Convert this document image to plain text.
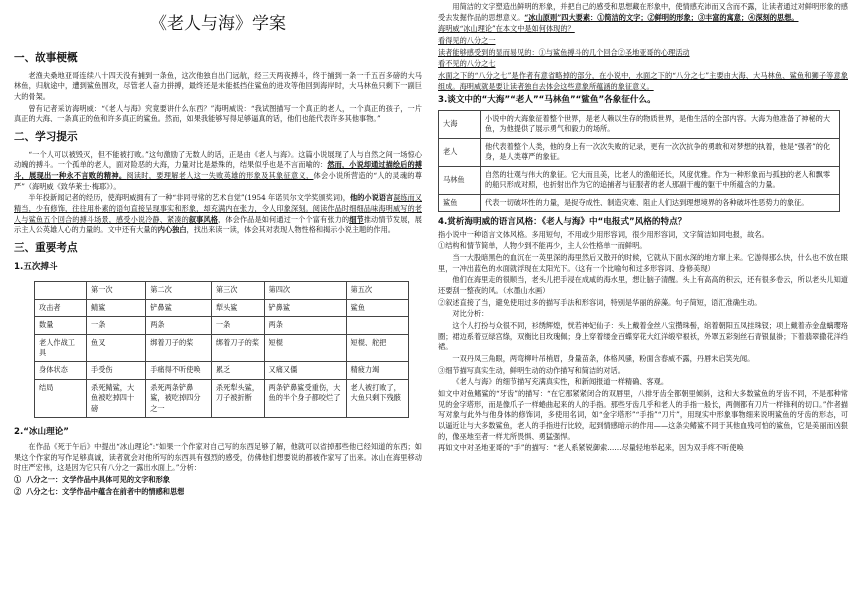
《老人与海》学案
一、故事梗概

老渔夫桑地亚哥连续八十四天没有捕到一条鱼，这次他独自出门远航，经三天两夜搏斗，终于捕到一条一千五百多磅的大马林鱼，归航途中，遭到鲨鱼围攻，尽管老人奋力拼搏，最终还是未能抵挡住鲨鱼的进攻等他回到海岸时，大马林鱼只剩下一副巨大的骨架。

曾有记者采访海明威：“《老人与海》究竟要讲什么东西？”海明威说：“我试图描写一个真正的老人，一个真正的孩子，一片真正的大海、一条真正的鱼和许多真正的鲨鱼。然而，如果我能够写得足够逼真的话，他们也能代表许多其他事物。”

二、学习提示

“一个人可以被毁灭，但不能被打败。”这句激励了无数人的话，正是由《老人与海》。这篇小说展现了人与自然之间一场惊心动魄的搏斗。一个孤单的老人，面对险恶的大海，力量对比是悬殊的，结果似乎也是不言而喻的：然而，小说却通过描绘后的搏斗，展现出一种永不言败的精神。阅读时，要理解老人这一失败英雄的形象及其象征意义，体会小说所营造的“人的灵魂的尊严”（海明威《致华莱士·梅耶》）。

半年投新闻记者的经历，使海明威拥有了一种“非同寻常的艺术自觉”(1954 年诺贝尔文学奖颁奖词)，他的小说语言凝练而又精当，少有修饰，往往用朴素的语句直接呈现事实和形象，却充满内在张力，令人印象深刻。阅读作品时细细品味海明威写的老人与鲨鱼五个回合的搏斗场景，感受小说冷静、紧凑的叙事风格，体会作品是如何通过一个个富有张力的细节推动情节发展，展示主人公英雄人心的力量的。文中还有大量的内心独白，找出来读一读，体会其对表现人物性格和揭示小说主题的作用。

三、重要考点
1.五次搏斗
	第一次	第二次	第三次	第四次	第五次
攻击者	鲭鲨	铲鼻鲨	犁头鲨	铲鼻鲨	鲨鱼
数量	一条	两条	一条	两条	
老人作战工具	鱼叉	绑着刀子的桨	绑着刀子的桨	短棍	短棍、舵把
身体状态	手受伤	手痛得不听使唤	累乏	又痛又僵	精疲力竭
结局	杀死鲭鲨，大鱼被吃掉四十磅	杀死两条铲鼻鲨，被吃掉四分之一	杀死犁头鲨，刀子被折断	两条铲鼻鲨受重伤，大鱼的半个身子都咬烂了	老人被打败了，大鱼只剩下残骸
2.“冰山理论”

在作品《死于午后》中提出“冰山理论”:“如果一个作家对自己写的东西足够了解，他就可以省掉那些他已经知道的东西；如果这个作家的写作足够真诚，读者就会对他所写的东西具有强烈的感受，仿佛他们想要说的都被作家写了出来。冰山在海里移动时庄严宏伟，这是因为它只有八分之一露出水面上。”分析：

① 八分之一：文学作品中具体可见的文字和形象
② 八分之七：文学作品中蕴含在前者中的情感和思想

用简洁的文字塑造出鲜明的形象，并把自己的感受和思想藏在形象中，使情感充沛而又含而不露，让读者通过对鲜明形象的感受去发掘作品的思想意义。“冰山原则”四大要素：①简洁的文字；②鲜明的形象；③丰富的寓意；④深刻的思想。

海明威“冰山理论”在本文中是如何体现的？

看得见的八分之一

读者能够感受到的显而易见的：①与鲨鱼搏斗的几个回合②圣地亚哥的心理活动

看不见的八分之七

水面之下的“八分之七”是作者有意省略掉的部分，在小说中，水面之下的“八分之七”主要由大海、大马林鱼、鲨鱼和狮子等意象组成。海明威就是要让读者独自去体会这些意象所蕴涵的象征意义。

3.谈文中的“大海”“老人”“马林鱼”“鲨鱼”各象征什么。
大海	小说中的大海象征着整个世界，是老人赖以生存的物质世界，是他生活的全部内容。大海为他准备了神秘的大鱼，为他提供了展示勇气和毅力的场所。
老人	他代表着整个人类，他的身上有一次次失败的记录，更有一次次抗争的勇敢和对梦想的执着，他是“强者”的化身，是人类尊严的象征。
马林鱼	自然的壮观与伟大的象征。它大而且美，比老人的渔船还长，风度优雅。作为一种形象而与孤独的老人和飘零的船只形成对照，也折射出作为它的追捕者与征服者的老人那副干瘦的躯干中所蕴含的力量。
鲨鱼	代表一切破坏性的力量，是捉夺成性、制造灾难、阻止人们达到理想境界的各种破坏性恶势力的象征。
4.赏析海明威的语言风格：《老人与海》中“电报式”风格的特点？

指小说中一种语言文体风格。多用短句，不用或少用形容词，很少用形容词，文字简洁如同电报，故名。

①结构和情节简单，人物少到不能再少，主人公性格单一而鲜明。

当一大股暗黑色的血沉在一英里深的海里然后又散开的时候，它就从下面水深的地方窜上来。它游得那么快，什么也不放在眼里，一冲出蓝色的水面就浮现在太阳光下。（这有一个比喻句和过多形容词、身修美现）

他们在海里走的很顺当，老头儿把手浸在成咸的海水里，想让脑子清醒。头上有高高的积云，还有很多卷云，所以老头儿知道还要刮一整夜的风。（水墨山水画）

②叙述直接了当，避免使用过多的描写手法和形容词，特别是华丽的辞藻。句子简短，语汇准确生动。

对比分析：

这个人打扮与众很不同，衫绣辉煌，恍若神妃仙子：头上戴着金丝八宝攒珠髻，绾着朝阳五凤挂珠钗；项上戴着赤金盘螭璎珞圈；裙边系着豆绿宫绦，双衡比目玫瑰佩；身上穿着缕金百蝶穿花大红洋缎窄裉袄，外罩五彩刻丝石青银鼠褂；下着翡翠撒花洋绉裙。

一双丹凤三角眼，两弯柳叶吊梢眉，身量苗条，体格风骚，粉面含春威不露，丹唇未启笑先闻。

③细节描写真实生动，鲜明生动的动作描写和简洁的对话。

《老人与海》的细节描写充满真实性，和新闻报道一样精确、客观。

如文中对鱼鳍鲨的“牙齿”的描写：“在它那紧紧闭合的双唇里，八排牙齿全都朝里倾斜，这和大多数鲨鱼的牙齿不同，不是那种常见的金字塔形，而是像爪子一样蜷曲起来的人的手指。那些牙齿几乎和老人的手指一般长，两侧都有刀片一样锋利的切口。”作者描写对象与此外与他身体的修饰词，多使用名词，如“金字塔形”“手指”“刀片”，用现实中形象事物细来说明鲨鱼的牙齿的形态，可以逼近让与大多数鲨鱼，老人的手指进行比较，起到情感暗示的作用——这条尖鳍鲨不同于其他血残可怕的鲨鱼，它是美丽而凶狠的，像巫地至者一样尤所畏惧、勇猛强悍。

再如文中对圣地亚哥的“手”的描写：“老人系紧锐御索……尽量轻地举起来，因为双手疼不听使唤
